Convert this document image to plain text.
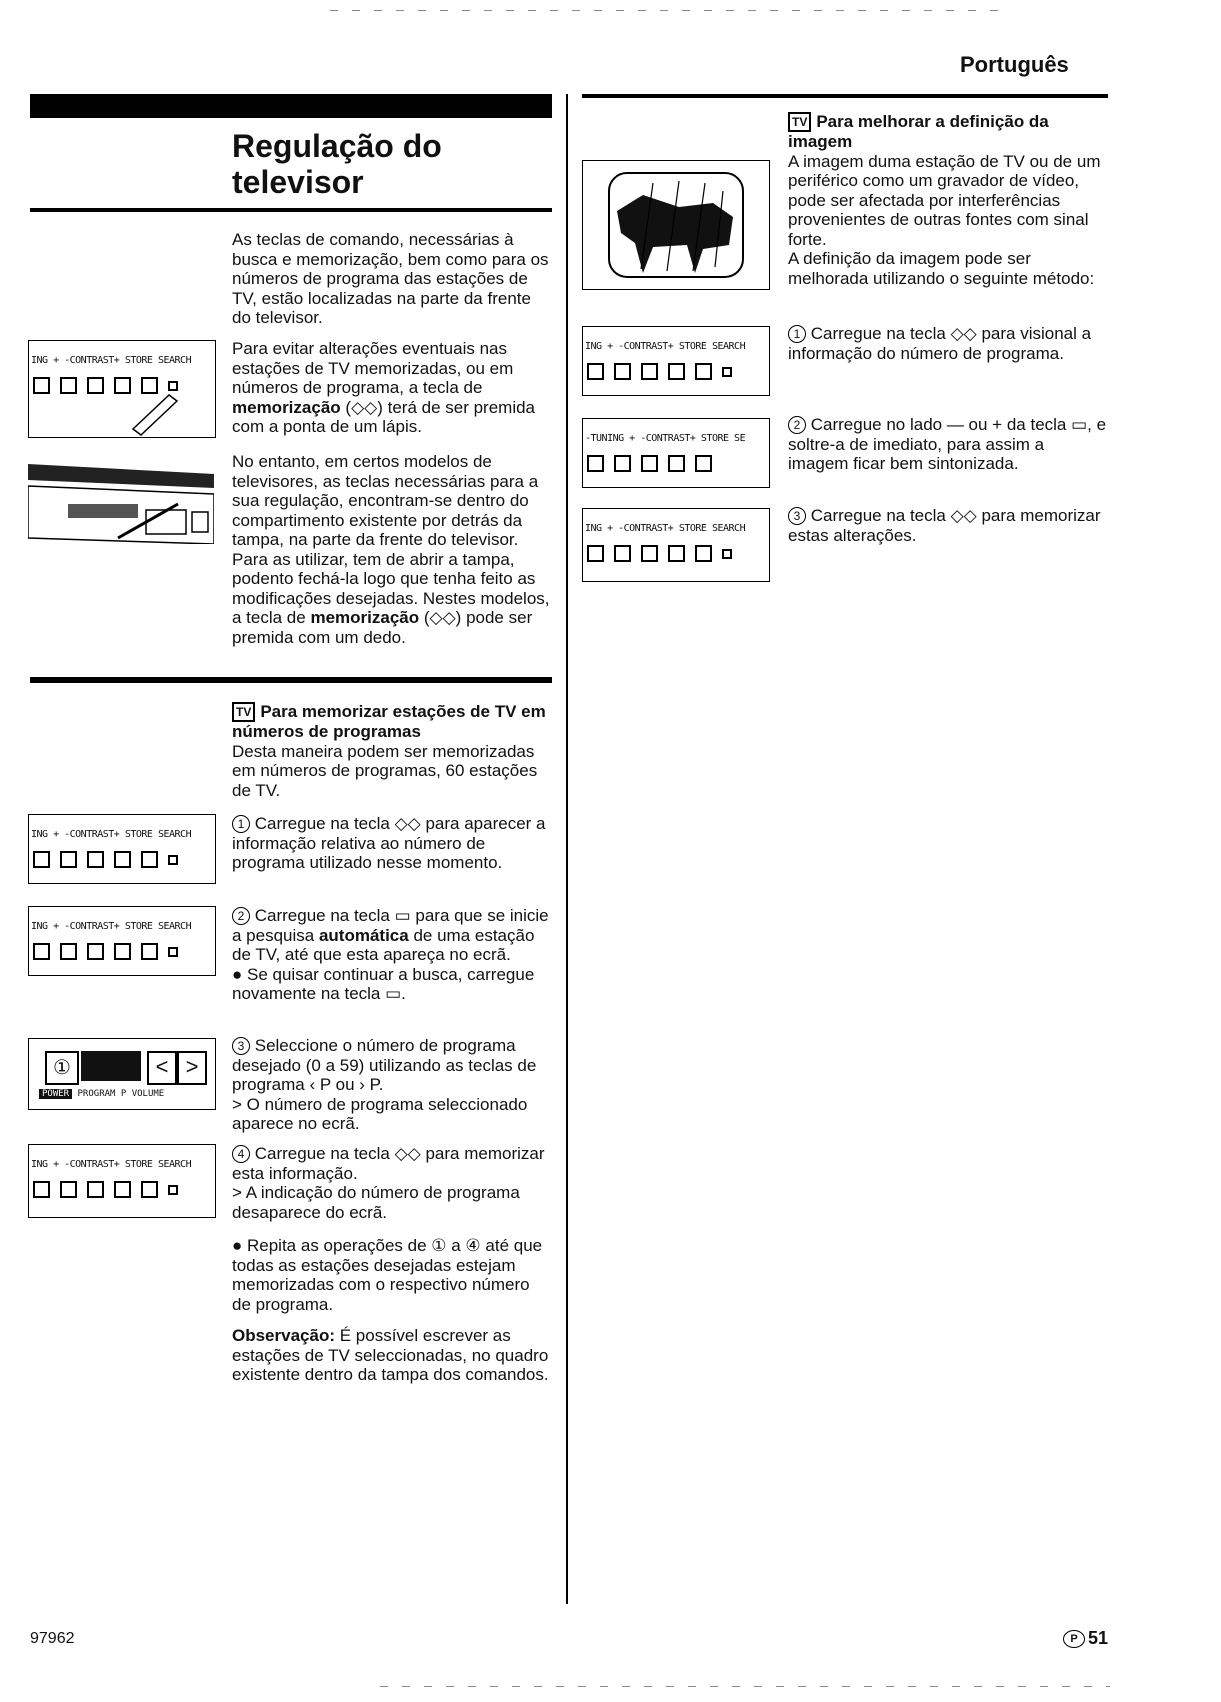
Português
Regulação do
televisor

As teclas de comando, necessárias à busca e memorização, bem como para os números de programa das estações de TV, estão localizadas na parte da frente do televisor.

Para evitar alterações eventuais nas estações de TV memorizadas, ou em números de programa, a tecla de memorização (◇◇) terá de ser premida com a ponta de um lápis.

No entanto, em certos modelos de televisores, as teclas necessárias para a sua regulação, encontram-se dentro do compartimento existente por detrás da tampa, na parte da frente do televisor.

Para as utilizar, tem de abrir a tampa, podento fechá-la logo que tenha feito as modificações desejadas. Nestes modelos, a tecla de memorização (◇◇) pode ser premida com um dedo.

TV Para memorizar estações de TV em números de programas

Desta maneira podem ser memorizadas em números de programas, 60 estações de TV.

1 Carregue na tecla ◇◇ para aparecer a informação relativa ao número de programa utilizado nesse momento.

2 Carregue na tecla ▭ para que se inicie a pesquisa automática de uma estação de TV, até que esta apareça no ecrã.

● Se quisar continuar a busca, carregue novamente na tecla ▭.

3 Seleccione o número de programa desejado (0 a 59) utilizando as teclas de programa ‹ P ou › P.

> O número de programa seleccionado aparece no ecrã.

4 Carregue na tecla ◇◇ para memorizar esta informação.

> A indicação do número de programa desaparece do ecrã.

● Repita as operações de ① a ④ até que todas as estações desejadas estejam memorizadas com o respectivo número de programa.

Observação: É possível escrever as estações de TV seleccionadas, no quadro existente dentro da tampa dos comandos.

TV Para melhorar a definição da imagem

A imagem duma estação de TV ou de um periférico como um gravador de vídeo, pode ser afectada por interferências provenientes de outras fontes com sinal forte.

A definição da imagem pode ser melhorada utilizando o seguinte método:

1 Carregue na tecla ◇◇ para visional a informação do número de programa.

2 Carregue no lado — ou + da tecla ▭, e soltre-a de imediato, para assim a imagem ficar bem sintonizada.

3 Carregue na tecla ◇◇ para memorizar estas alterações.

ING + -CONTRAST+ STORE SEARCH
ING + -CONTRAST+ STORE SEARCH
ING + -CONTRAST+ STORE SEARCH
①	< >
POWER PROGRAM P VOLUME
ING + -CONTRAST+ STORE SEARCH
ING + -CONTRAST+ STORE SEARCH
-TUNING + -CONTRAST+ STORE SE
ING + -CONTRAST+ STORE SEARCH
97962	P 51
